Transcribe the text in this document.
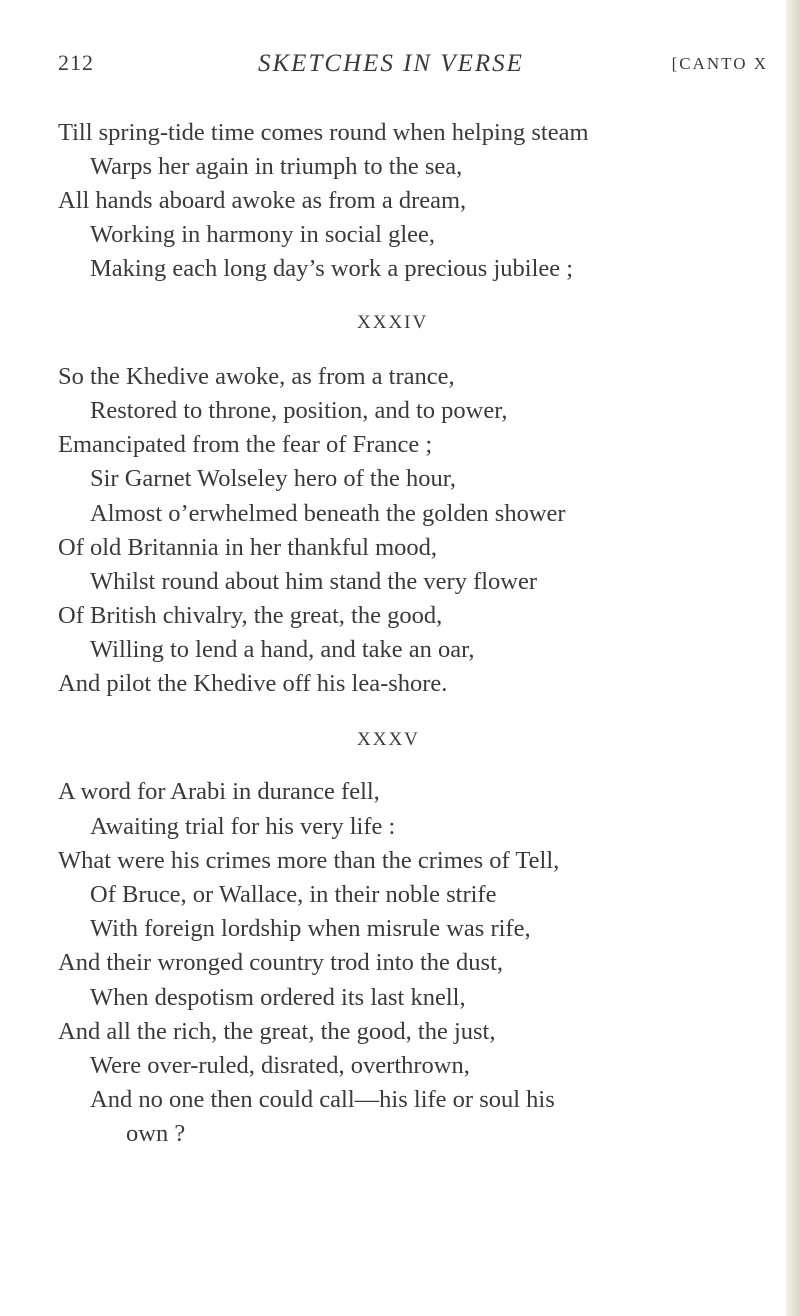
212	SKETCHES IN VERSE	[CANTO X
Till spring-tide time comes round when helping steam
Warps her again in triumph to the sea,
All hands aboard awoke as from a dream,
Working in harmony in social glee,
Making each long day’s work a precious jubilee ;
XXXIV
So the Khedive awoke, as from a trance,
Restored to throne, position, and to power,
Emancipated from the fear of France ;
Sir Garnet Wolseley hero of the hour,
Almost o’erwhelmed beneath the golden shower
Of old Britannia in her thankful mood,
Whilst round about him stand the very flower
Of British chivalry, the great, the good,
Willing to lend a hand, and take an oar,
And pilot the Khedive off his lea-shore.
XXXV
A word for Arabi in durance fell,
Awaiting trial for his very life :
What were his crimes more than the crimes of Tell,
Of Bruce, or Wallace, in their noble strife
With foreign lordship when misrule was rife,
And their wronged country trod into the dust,
When despotism ordered its last knell,
And all the rich, the great, the good, the just,
Were over-ruled, disrated, overthrown,
And no one then could call—his life or soul his
own ?
